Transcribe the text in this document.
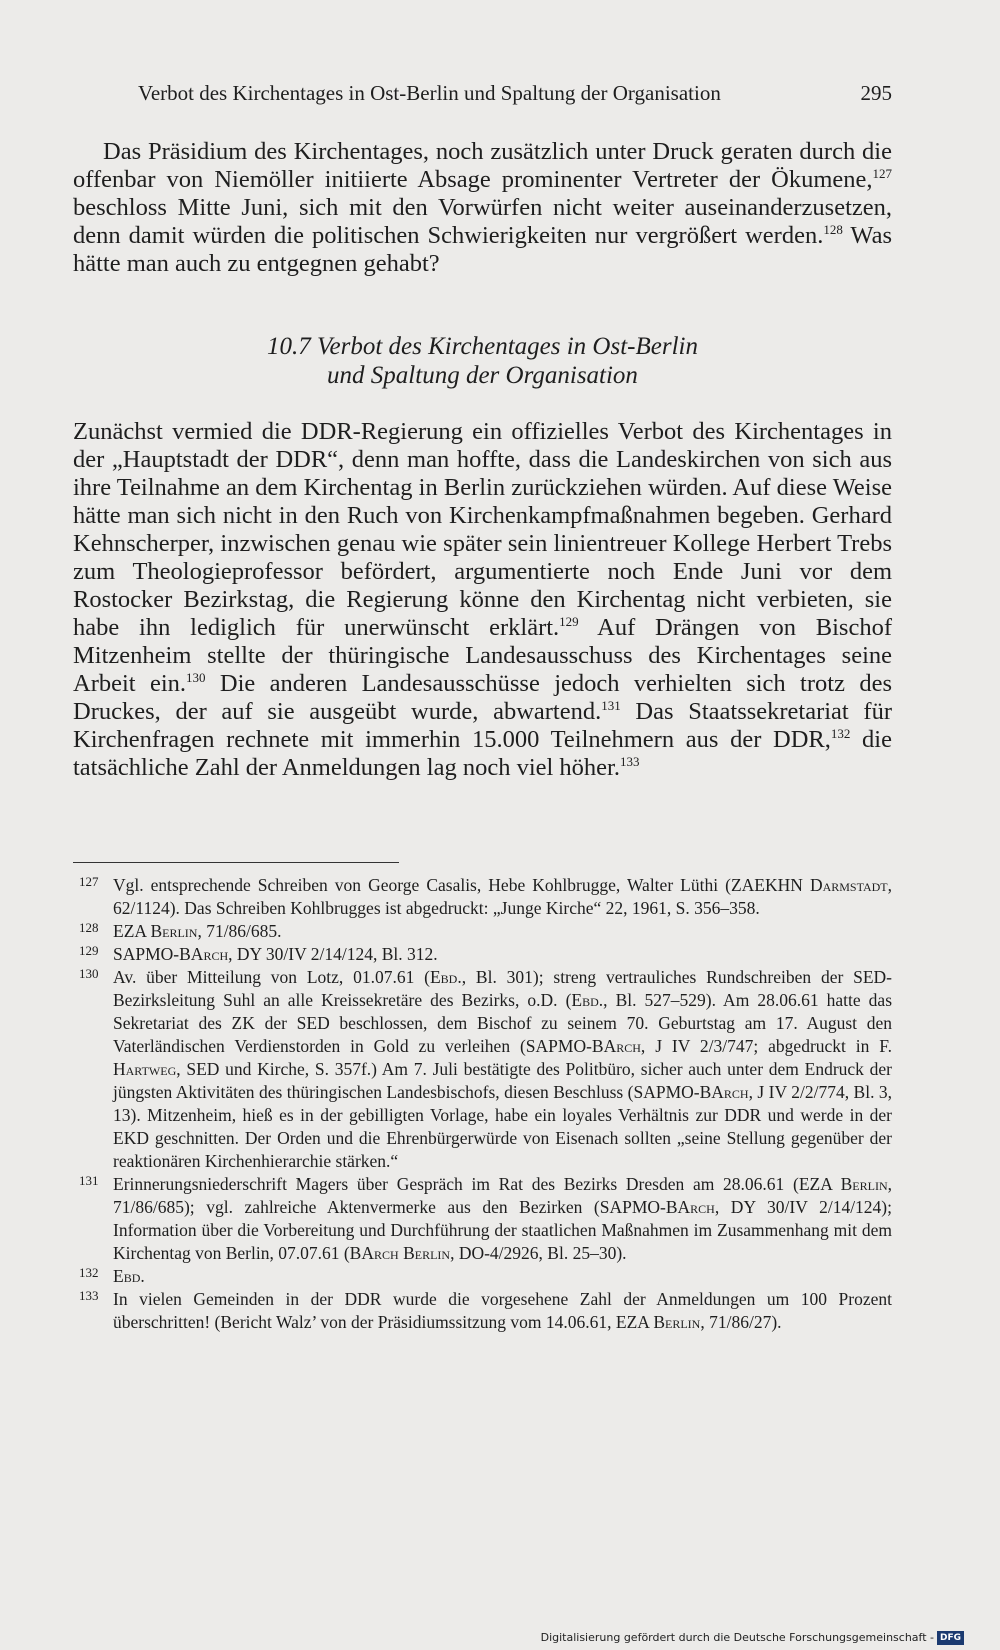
Verbot des Kirchentages in Ost-Berlin und Spaltung der Organisation	295

Das Präsidium des Kirchentages, noch zusätzlich unter Druck geraten durch die offenbar von Niemöller initiierte Absage prominenter Vertreter der Ökumene,$^{127}$ beschloss Mitte Juni, sich mit den Vorwürfen nicht weiter auseinanderzusetzen, denn damit würden die politischen Schwierigkeiten nur vergrößert werden.$^{128}$ Was hätte man auch zu entgegnen gehabt?

10.7 Verbot des Kirchentages in Ost-Berlin
und Spaltung der Organisation

Zunächst vermied die DDR-Regierung ein offizielles Verbot des Kirchentages in der „Hauptstadt der DDR“, denn man hoffte, dass die Landeskirchen von sich aus ihre Teilnahme an dem Kirchentag in Berlin zurückziehen würden. Auf diese Weise hätte man sich nicht in den Ruch von Kirchenkampfmaßnahmen begeben. Gerhard Kehnscherper, inzwischen genau wie später sein linientreuer Kollege Herbert Trebs zum Theologieprofessor befördert, argumentierte noch Ende Juni vor dem Rostocker Bezirkstag, die Regierung könne den Kirchentag nicht verbieten, sie habe ihn lediglich für unerwünscht erklärt.$^{129}$ Auf Drängen von Bischof Mitzenheim stellte der thüringische Landesausschuss des Kirchentages seine Arbeit ein.$^{130}$ Die anderen Landesausschüsse jedoch verhielten sich trotz des Druckes, der auf sie ausgeübt wurde, abwartend.$^{131}$ Das Staatssekretariat für Kirchenfragen rechnete mit immerhin 15.000 Teilnehmern aus der DDR,$^{132}$ die tatsächliche Zahl der Anmeldungen lag noch viel höher.$^{133}$

127 Vgl. entsprechende Schreiben von George Casalis, Hebe Kohlbrugge, Walter Lüthi (ZAEKHN Darmstadt, 62/1124). Das Schreiben Kohlbrugges ist abgedruckt: „Junge Kirche“ 22, 1961, S. 356–358.

128 EZA Berlin, 71/86/685.

129 SAPMO-BArch, DY 30/IV 2/14/124, Bl. 312.

130 Av. über Mitteilung von Lotz, 01.07.61 (Ebd., Bl. 301); streng vertrauliches Rundschreiben der SED-Bezirksleitung Suhl an alle Kreissekretäre des Bezirks, o.D. (Ebd., Bl. 527–529). Am 28.06.61 hatte das Sekretariat des ZK der SED beschlossen, dem Bischof zu seinem 70. Geburtstag am 17. August den Vaterländischen Verdienstorden in Gold zu verleihen (SAPMO-BArch, J IV 2/3/747; abgedruckt in F. Hartweg, SED und Kirche, S. 357f.) Am 7. Juli bestätigte des Politbüro, sicher auch unter dem Endruck der jüngsten Aktivitäten des thüringischen Landesbischofs, diesen Beschluss (SAPMO-BArch, J IV 2/2/774, Bl. 3, 13). Mitzenheim, hieß es in der gebilligten Vorlage, habe ein loyales Verhältnis zur DDR und werde in der EKD geschnitten. Der Orden und die Ehrenbürgerwürde von Eisenach sollten „seine Stellung gegenüber der reaktionären Kirchenhierarchie stärken.“

131 Erinnerungsniederschrift Magers über Gespräch im Rat des Bezirks Dresden am 28.06.61 (EZA Berlin, 71/86/685); vgl. zahlreiche Aktenvermerke aus den Bezirken (SAPMO-BArch, DY 30/IV 2/14/124); Information über die Vorbereitung und Durchführung der staatlichen Maßnahmen im Zusammenhang mit dem Kirchentag von Berlin, 07.07.61 (BArch Berlin, DO-4/2926, Bl. 25–30).

132 Ebd.

133 In vielen Gemeinden in der DDR wurde die vorgesehene Zahl der Anmeldungen um 100 Prozent überschritten! (Bericht Walz’ von der Präsidiumssitzung vom 14.06.61, EZA Berlin, 71/86/27).

Digitalisierung gefördert durch die Deutsche Forschungsgemeinschaft - DFG
